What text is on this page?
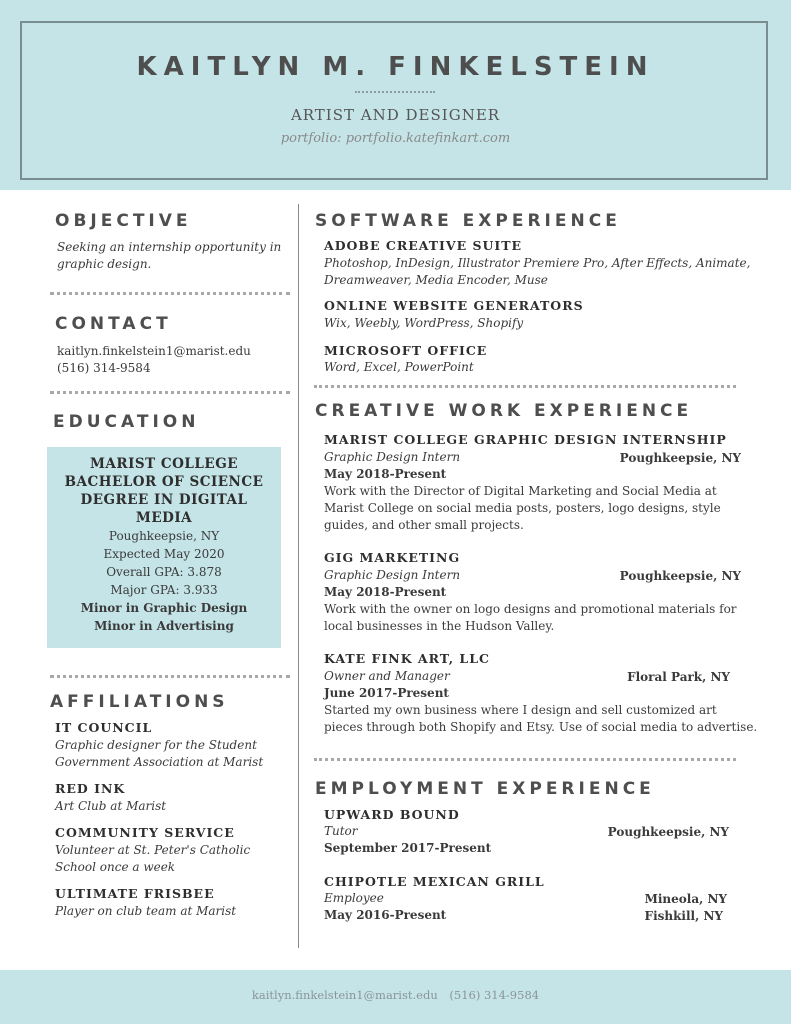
KAITLYN M. FINKELSTEIN
ARTIST AND DESIGNER
portfolio: portfolio.katefinkart.com
OBJECTIVE
Seeking an internship opportunity in
graphic design.
CONTACT
kaitlyn.finkelstein1@marist.edu
(516) 314-9584
EDUCATION
MARIST COLLEGE
BACHELOR OF SCIENCE
DEGREE IN DIGITAL
MEDIA
Poughkeepsie, NY
Expected May 2020
Overall GPA: 3.878
Major GPA: 3.933
Minor in Graphic Design
Minor in Advertising
AFFILIATIONS
IT COUNCIL
Graphic designer for the Student
Government Association at Marist
RED INK
Art Club at Marist
COMMUNITY SERVICE
Volunteer at St. Peter's Catholic
School once a week
ULTIMATE FRISBEE
Player on club team at Marist
SOFTWARE EXPERIENCE
ADOBE CREATIVE SUITE
Photoshop, InDesign, Illustrator Premiere Pro, After Effects, Animate,
Dreamweaver, Media Encoder, Muse
ONLINE WEBSITE GENERATORS
Wix, Weebly, WordPress, Shopify
MICROSOFT OFFICE
Word, Excel, PowerPoint
CREATIVE WORK EXPERIENCE
MARIST COLLEGE GRAPHIC DESIGN INTERNSHIP
Graphic Design Intern	Poughkeepsie, NY
May 2018-Present
Work with the Director of Digital Marketing and Social Media at
Marist College on social media posts, posters, logo designs, style
guides, and other small projects.
GIG MARKETING
Graphic Design Intern	Poughkeepsie, NY
May 2018-Present
Work with the owner on logo designs and promotional materials for
local businesses in the Hudson Valley.
KATE FINK ART, LLC
Owner and Manager	Floral Park, NY
June 2017-Present
Started my own business where I design and sell customized art
pieces through both Shopify and Etsy. Use of social media to advertise.
EMPLOYMENT EXPERIENCE
UPWARD BOUND
Tutor	Poughkeepsie, NY
September 2017-Present
CHIPOTLE MEXICAN GRILL
Employee	Mineola, NY
May 2016-Present	Fishkill, NY
kaitlyn.finkelstein1@marist.edu (516) 314-9584
